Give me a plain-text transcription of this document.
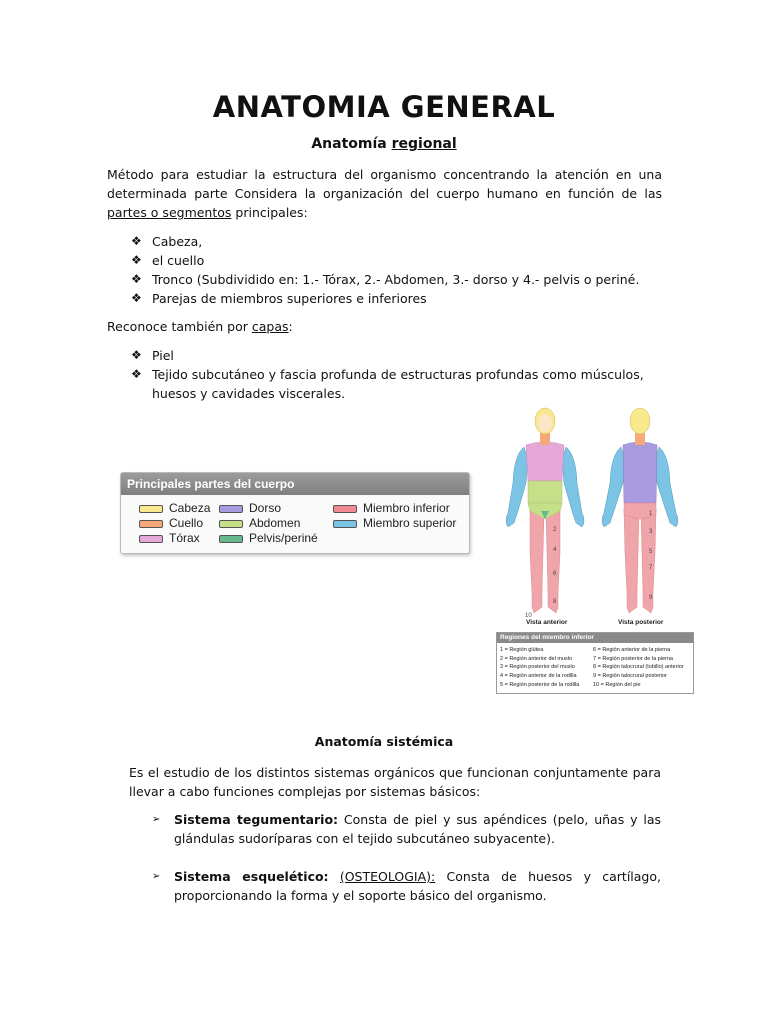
ANATOMIA GENERAL
Anatomía regional
Método para estudiar la estructura del organismo concentrando la atención en una determinada parte Considera la organización del cuerpo humano en función de las partes o segmentos principales:
❖ Cabeza,
❖ el cuello
❖ Tronco (Subdividido en: 1.- Tórax, 2.- Abdomen, 3.- dorso y 4.- pelvis o periné.
❖ Parejas de miembros superiores e inferiores
Reconoce también por capas:
❖ Piel
❖ Tejido subcutáneo y fascia profunda de estructuras profundas como músculos, huesos y cavidades viscerales.
Principales partes del cuerpo
Cabeza
Cuello
Tórax
Dorso
Abdomen
Pelvis/periné
Miembro inferior
Miembro superior	2
4
6
8
1
3
5
7
9
10
Vista anterior	Vista posterior
Regiones del miembro inferior
1 = Región glútea
2 = Región anterior del muslo
3 = Región posterior del muslo
4 = Región anterior de la rodilla
5 = Región posterior de la rodilla
6 = Región anterior de la pierna
7 = Región posterior de la pierna
8 = Región talocrural (tobillo) anterior
9 = Región talocrural posterior
10 = Región del pie
Anatomía sistémica
Es el estudio de los distintos sistemas orgánicos que funcionan conjuntamente para llevar a cabo funciones complejas por sistemas básicos:
➢ Sistema tegumentario: Consta de piel y sus apéndices (pelo, uñas y las glándulas sudoríparas con el tejido subcutáneo subyacente).
➢ Sistema esquelético: (OSTEOLOGIA): Consta de huesos y cartílago, proporcionando la forma y el soporte básico del organismo.
